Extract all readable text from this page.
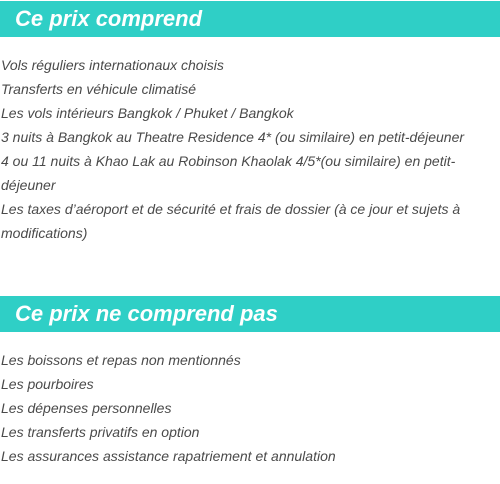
Ce prix comprend
Vols réguliers internationaux choisis
Transferts en véhicule climatisé
Les vols intérieurs Bangkok / Phuket / Bangkok
3 nuits à Bangkok au Theatre Residence 4* (ou similaire) en petit-déjeuner
4 ou 11 nuits à Khao Lak au Robinson Khaolak 4/5*(ou similaire) en petit-déjeuner
Les taxes d’aéroport et de sécurité et frais de dossier (à ce jour et sujets à modifications)
Ce prix ne comprend pas
Les boissons et repas non mentionnés
Les pourboires
Les dépenses personnelles
Les transferts privatifs en option
Les assurances assistance rapatriement et annulation
